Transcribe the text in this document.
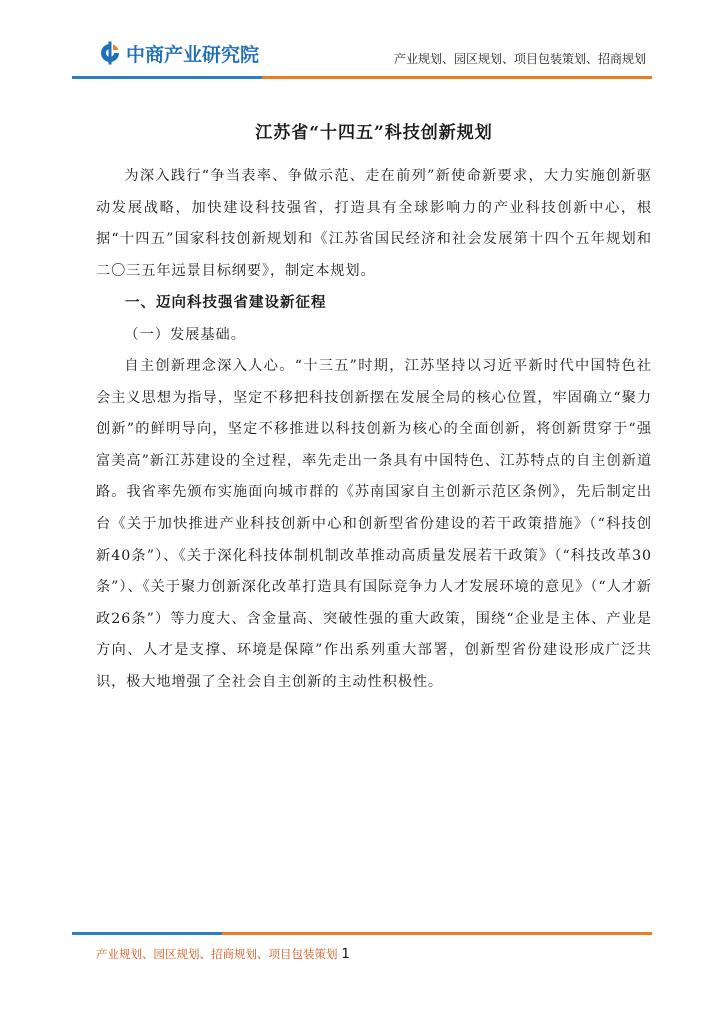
中商产业研究院	产业规划、园区规划、项目包装策划、招商规划
江苏省“十四五”科技创新规划

为深入践行“争当表率、争做示范、走在前列”新使命新要求，大力实施创新驱动发展战略，加快建设科技强省，打造具有全球影响力的产业科技创新中心，根据“十四五”国家科技创新规划和《江苏省国民经济和社会发展第十四个五年规划和二〇三五年远景目标纲要》，制定本规划。

一、迈向科技强省建设新征程

（一）发展基础。

自主创新理念深入人心。“十三五”时期，江苏坚持以习近平新时代中国特色社会主义思想为指导，坚定不移把科技创新摆在发展全局的核心位置，牢固确立“聚力创新”的鲜明导向，坚定不移推进以科技创新为核心的全面创新，将创新贯穿于“强富美高”新江苏建设的全过程，率先走出一条具有中国特色、江苏特点的自主创新道路。我省率先颁布实施面向城市群的《苏南国家自主创新示范区条例》，先后制定出台《关于加快推进产业科技创新中心和创新型省份建设的若干政策措施》（“科技创新40条”）、《关于深化科技体制机制改革推动高质量发展若干政策》（“科技改革30条”）、《关于聚力创新深化改革打造具有国际竞争力人才发展环境的意见》（“人才新政26条”）等力度大、含金量高、突破性强的重大政策，围绕“企业是主体、产业是方向、人才是支撑、环境是保障”作出系列重大部署，创新型省份建设形成广泛共识，极大地增强了全社会自主创新的主动性积极性。

产业规划、园区规划、招商规划、项目包装策划 1
